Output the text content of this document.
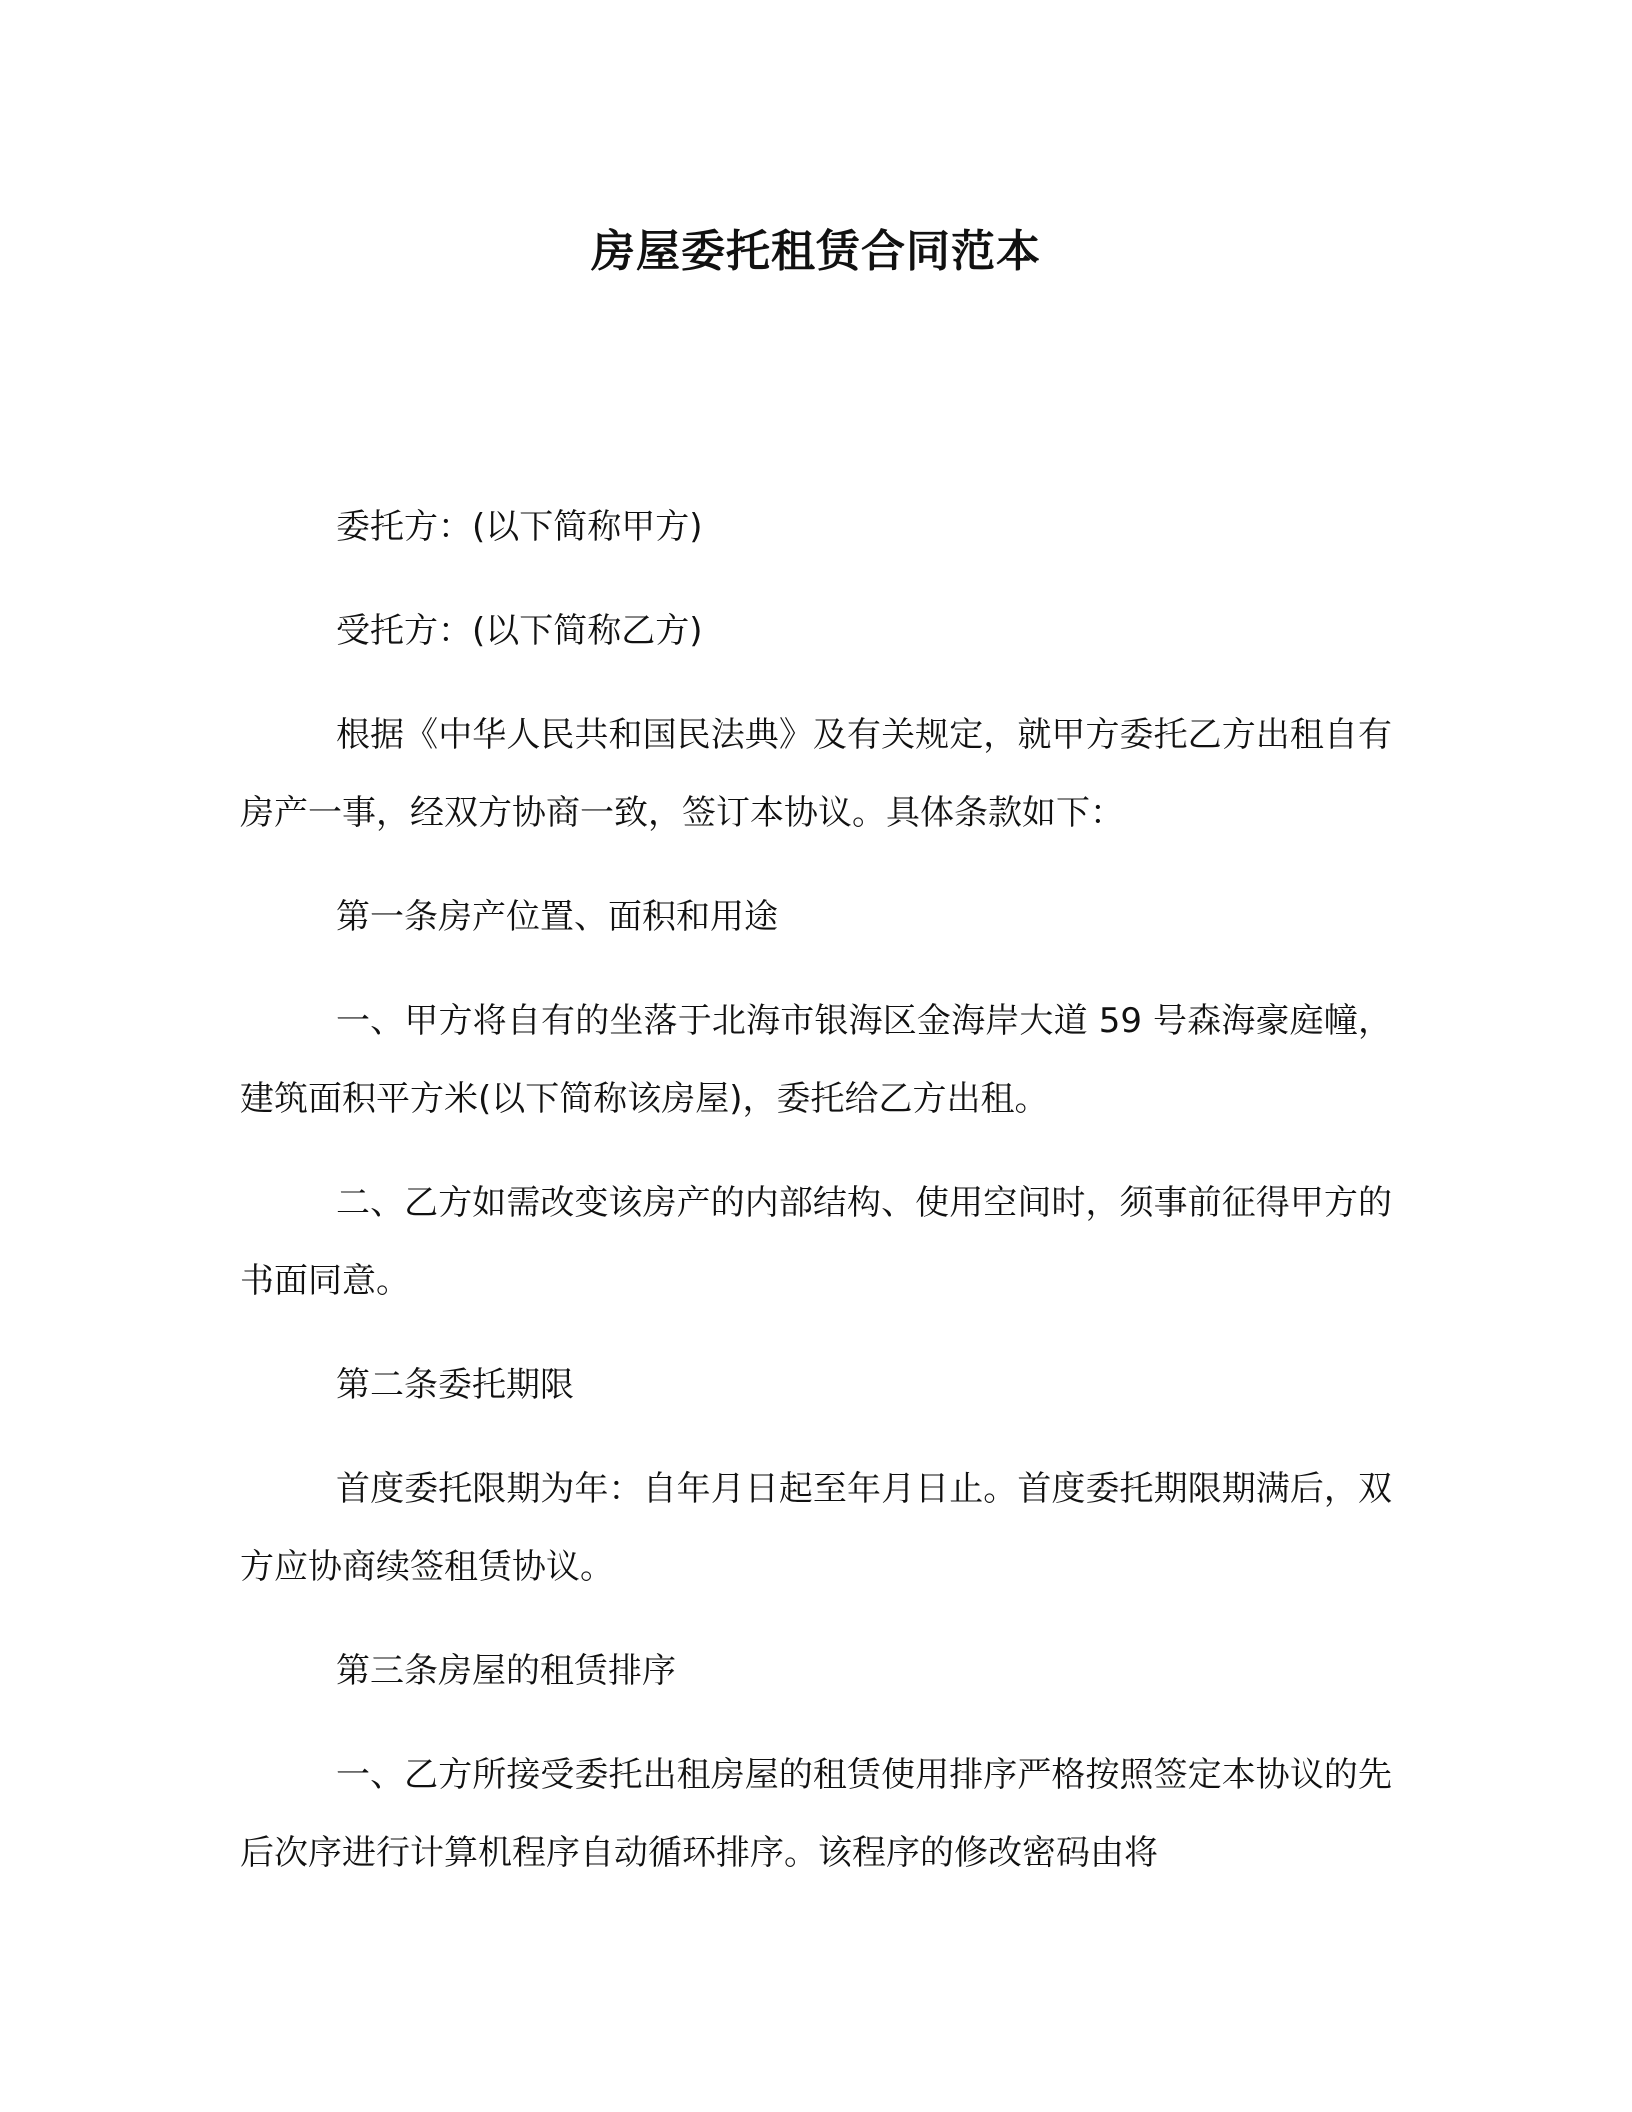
房屋委托租赁合同范本

委托方：(以下简称甲方)

受托方：(以下简称乙方)

根据《中华人民共和国民法典》及有关规定，就甲方委托乙方出租自有房产一事，经双方协商一致，签订本协议。具体条款如下：

第一条房产位置、面积和用途

一、甲方将自有的坐落于北海市银海区金海岸大道 59 号森海豪庭幢，建筑面积平方米(以下简称该房屋)，委托给乙方出租。

二、乙方如需改变该房产的内部结构、使用空间时，须事前征得甲方的书面同意。

第二条委托期限

首度委托限期为年：自年月日起至年月日止。首度委托期限期满后，双方应协商续签租赁协议。

第三条房屋的租赁排序

一、乙方所接受委托出租房屋的租赁使用排序严格按照签定本协议的先后次序进行计算机程序自动循环排序。该程序的修改密码由将
